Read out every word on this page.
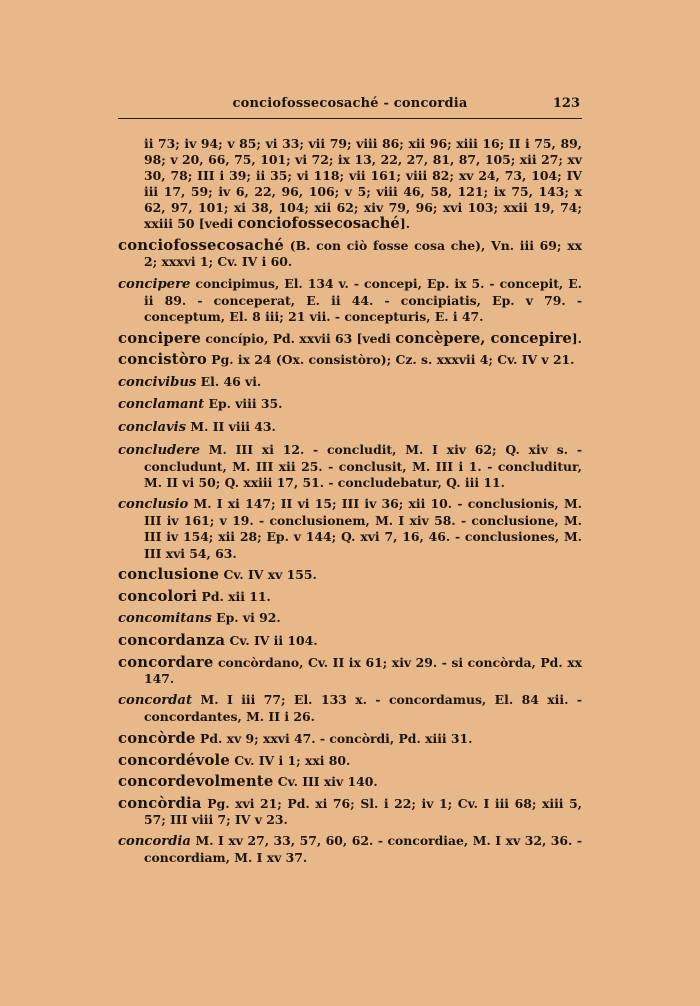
conciofossecosaché - concordia	123
ii 73; iv 94; v 85; vi 33; vii 79; viii 86; xii 96; xiii 16; II i 75, 89, 98; v 20, 66, 75, 101; vi 72; ix 13, 22, 27, 81, 87, 105; xii 27; xv 30, 78; III i 39; ii 35; vi 118; vii 161; viii 82; xv 24, 73, 104; IV iii 17, 59; iv 6, 22, 96, 106; v 5; viii 46, 58, 121; ix 75, 143; x 62, 97, 101; xi 38, 104; xii 62; xiv 79, 96; xvi 103; xxii 19, 74; xxiii 50 [vedi conciofossecosaché].
conciofossecosaché (B. con ciò fosse cosa che), Vn. iii 69; xx 2; xxxvi 1; Cv. IV i 60.
concipere concipimus, El. 134 v. - concepi, Ep. ix 5. - concepit, E. ii 89. - conceperat, E. ii 44. - concipiatis, Ep. v 79. - conceptum, El. 8 iii; 21 vii. - concepturis, E. i 47.
concipere concípio, Pd. xxvii 63 [vedi concèpere, concepire].
concistòro Pg. ix 24 (Ox. consistòro); Cz. s. xxxvii 4; Cv. IV v 21.
concivibus El. 46 vi.
conclamant Ep. viii 35.
conclavis M. II viii 43.
concludere M. III xi 12. - concludit, M. I xiv 62; Q. xiv s. - concludunt, M. III xii 25. - conclusit, M. III i 1. - concluditur, M. II vi 50; Q. xxiii 17, 51. - concludebatur, Q. iii 11.
conclusio M. I xi 147; II vi 15; III iv 36; xii 10. - conclusionis, M. III iv 161; v 19. - conclusionem, M. I xiv 58. - conclusione, M. III iv 154; xii 28; Ep. v 144; Q. xvi 7, 16, 46. - conclusiones, M. III xvi 54, 63.
conclusione Cv. IV xv 155.
concolori Pd. xii 11.
concomitans Ep. vi 92.
concordanza Cv. IV ii 104.
concordare concòrdano, Cv. II ix 61; xiv 29. - si concòrda, Pd. xx 147.
concordat M. I iii 77; El. 133 x. - concordamus, El. 84 xii. - concordantes, M. II i 26.
concòrde Pd. xv 9; xxvi 47. - concòrdi, Pd. xiii 31.
concordévole Cv. IV i 1; xxi 80.
concordevolmente Cv. III xiv 140.
concòrdia Pg. xvi 21; Pd. xi 76; Sl. i 22; iv 1; Cv. I iii 68; xiii 5, 57; III viii 7; IV v 23.
concordia M. I xv 27, 33, 57, 60, 62. - concordiae, M. I xv 32, 36. - concordiam, M. I xv 37.
